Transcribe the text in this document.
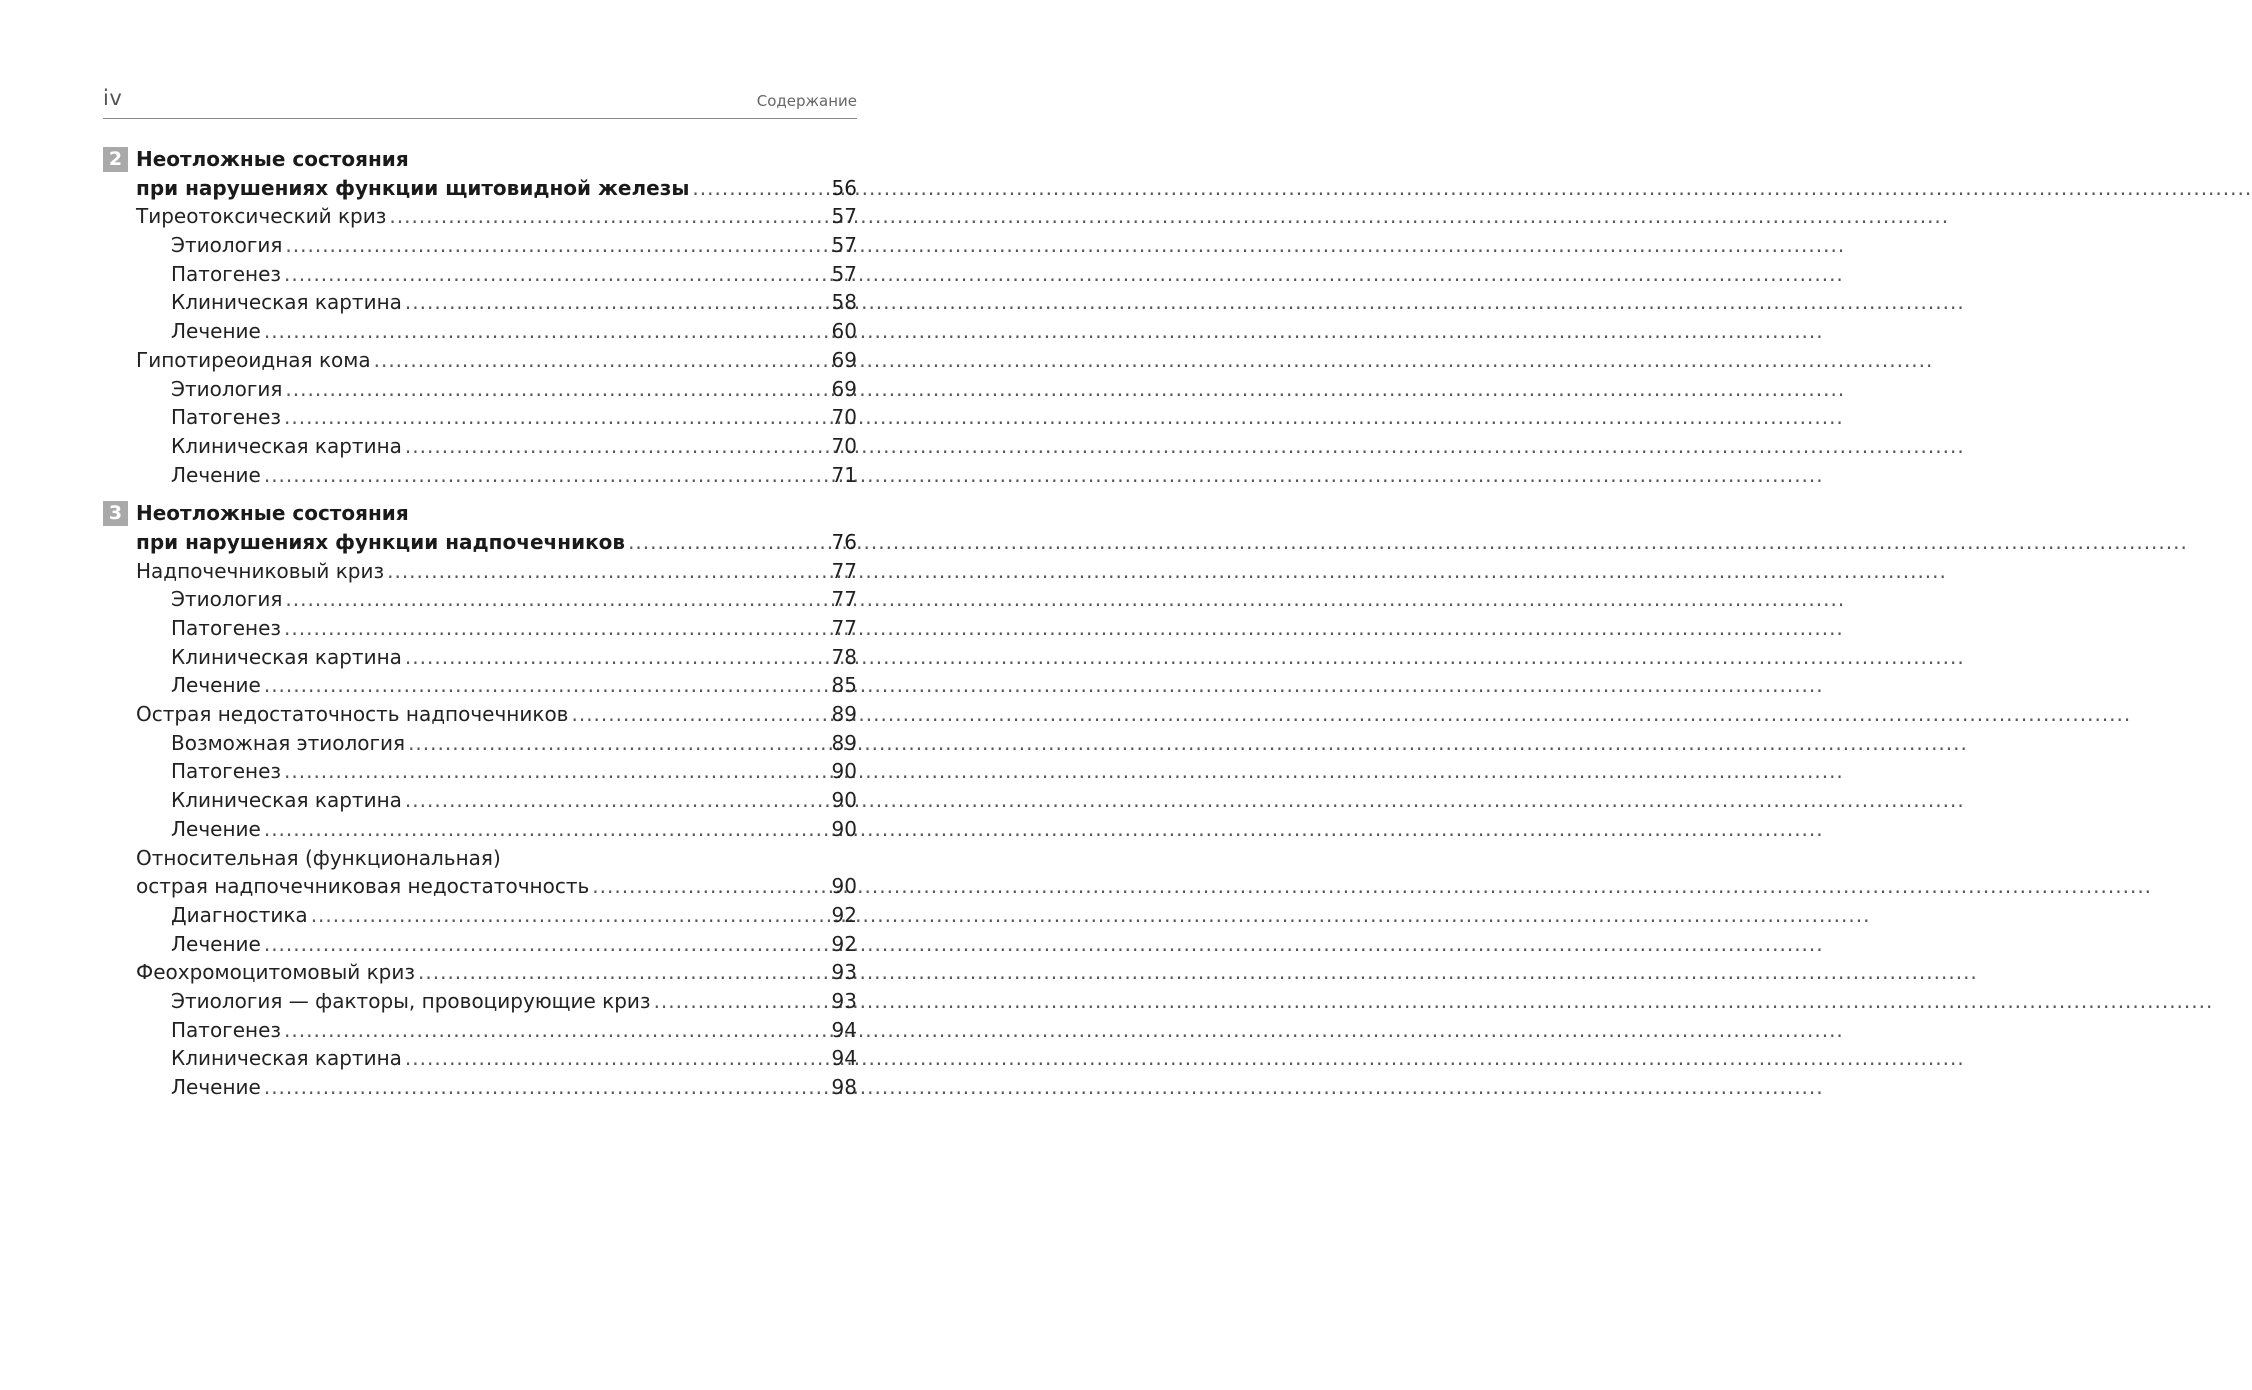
iv	Содержание
2 Неотложные состояния
при нарушениях функции щитовидной железы .....	56
Тиреотоксический криз .....	57
Этиология .....	57
Патогенез .....	57
Клиническая картина .....	58
Лечение .....	60
Гипотиреоидная кома .....	69
Этиология .....	69
Патогенез .....	70
Клиническая картина .....	70
Лечение .....	71
3 Неотложные состояния
при нарушениях функции надпочечников .....	76
Надпочечниковый криз .....	77
Этиология .....	77
Патогенез .....	77
Клиническая картина .....	78
Лечение .....	85
Острая недостаточность надпочечников .....	89
Возможная этиология .....	89
Патогенез .....	90
Клиническая картина .....	90
Лечение .....	90
Относительная (функциональная)
острая надпочечниковая недостаточность .....	90
Диагностика .....	92
Лечение .....	92
Феохромоцитомовый криз .....	93
Этиология — факторы, провоцирующие криз .....	93
Патогенез .....	94
Клиническая картина .....	94
Лечение .....	98
